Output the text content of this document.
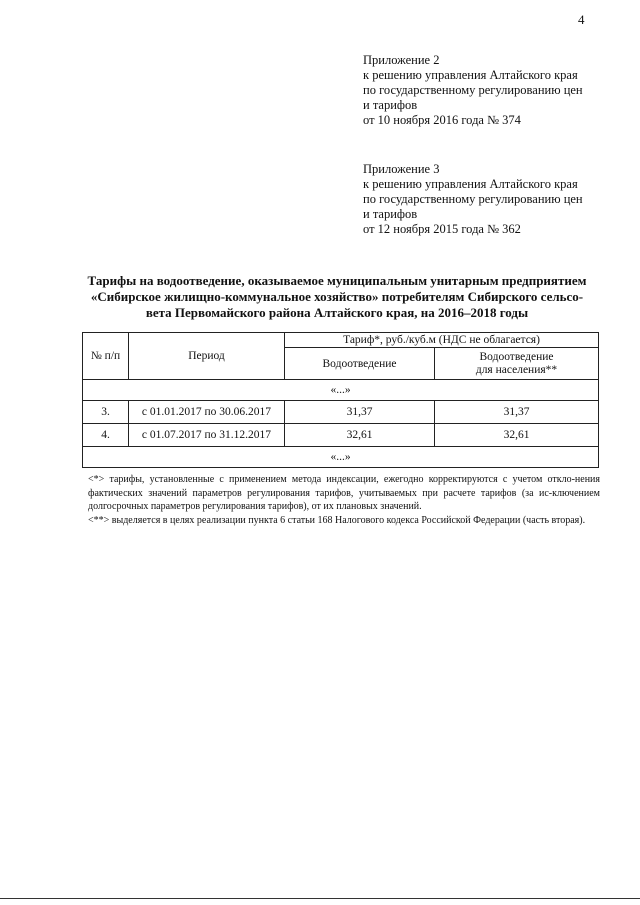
4
Приложение 2
к решению управления Алтайского края
по государственному регулированию цен
и тарифов
от 10 ноября 2016 года № 374
Приложение 3
к решению управления Алтайского края
по государственному регулированию цен
и тарифов
от 12 ноября 2015 года № 362
Тарифы на водоотведение, оказываемое муниципальным унитарным предприятием
«Сибирское жилищно-коммунальное хозяйство» потребителям Сибирского сельсо-
вета Первомайского района Алтайского края, на 2016–2018 годы
№ п/п	Период	Тариф*, руб./куб.м (НДС не облагается)	
		Водоотведение	Водоотведение
для населения**

«...»			
3.	с 01.01.2017 по 30.06.2017	31,37	31,37
4.	с 01.07.2017 по 31.12.2017	32,61	32,61
«...»			

<*> тарифы, установленные с применением метода индексации, ежегодно корректируются с учетом откло-нения фактических значений параметров регулирования тарифов, учитываемых при расчете тарифов (за ис-ключением долгосрочных параметров регулирования тарифов), от их плановых значений.

<**> выделяется в целях реализации пункта 6 статьи 168 Налогового кодекса Российской Федерации (часть вторая).
